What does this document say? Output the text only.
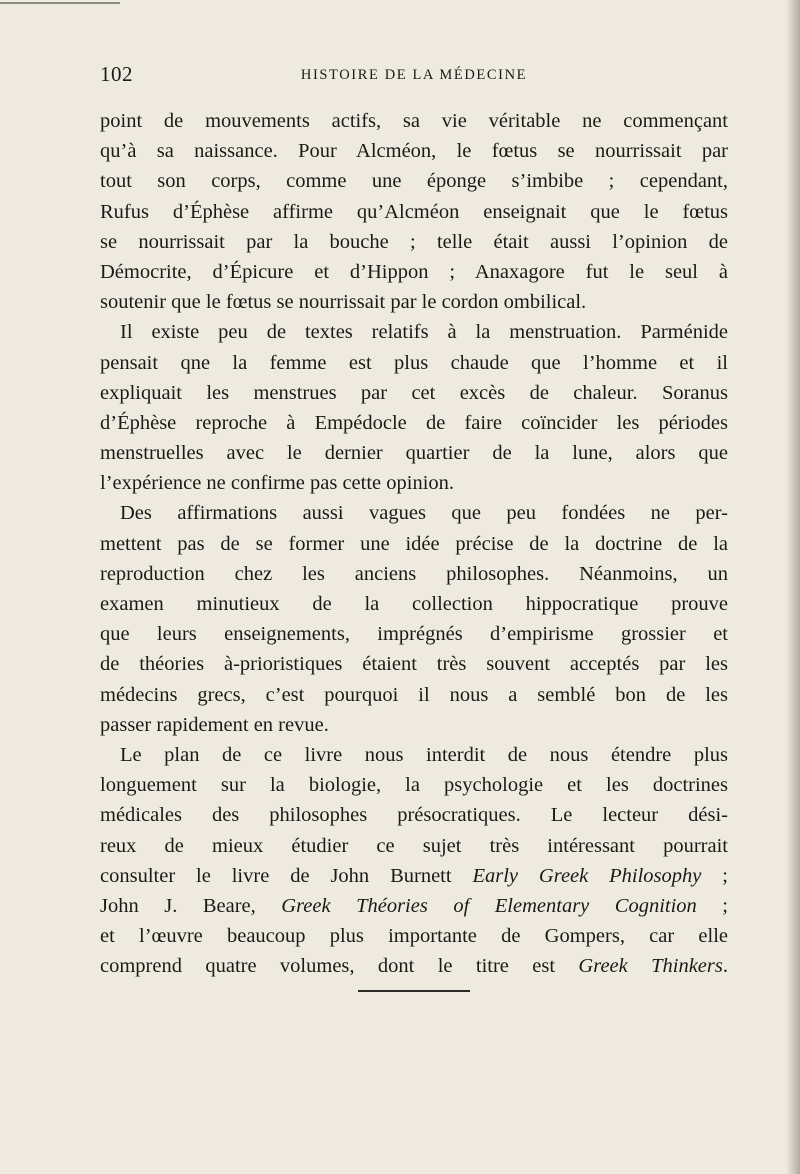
102	HISTOIRE DE LA MÉDECINE
point de mouvements actifs, sa vie véritable ne commençant
qu’à sa naissance. Pour Alcméon, le fœtus se nourrissait par
tout son corps, comme une éponge s’imbibe ; cependant,
Rufus d’Éphèse affirme qu’Alcméon enseignait que le fœtus
se nourrissait par la bouche ; telle était aussi l’opinion de
Démocrite, d’Épicure et d’Hippon ; Anaxagore fut le seul à
soutenir que le fœtus se nourrissait par le cordon ombilical.
Il existe peu de textes relatifs à la menstruation. Parménide
pensait qne la femme est plus chaude que l’homme et il
expliquait les menstrues par cet excès de chaleur. Soranus
d’Éphèse reproche à Empédocle de faire coïncider les périodes
menstruelles avec le dernier quartier de la lune, alors que
l’expérience ne confirme pas cette opinion.
Des affirmations aussi vagues que peu fondées ne per-
mettent pas de se former une idée précise de la doctrine de la
reproduction chez les anciens philosophes. Néanmoins, un
examen minutieux de la collection hippocratique prouve
que leurs enseignements, imprégnés d’empirisme grossier et
de théories à-prioristiques étaient très souvent acceptés par les
médecins grecs, c’est pourquoi il nous a semblé bon de les
passer rapidement en revue.
Le plan de ce livre nous interdit de nous étendre plus
longuement sur la biologie, la psychologie et les doctrines
médicales des philosophes présocratiques. Le lecteur dési-
reux de mieux étudier ce sujet très intéressant pourrait
consulter le livre de John Burnett Early Greek Philosophy ;
John J. Beare, Greek Théories of Elementary Cognition ;
et l’œuvre beaucoup plus importante de Gompers, car elle
comprend quatre volumes, dont le titre est Greek Thinkers.
